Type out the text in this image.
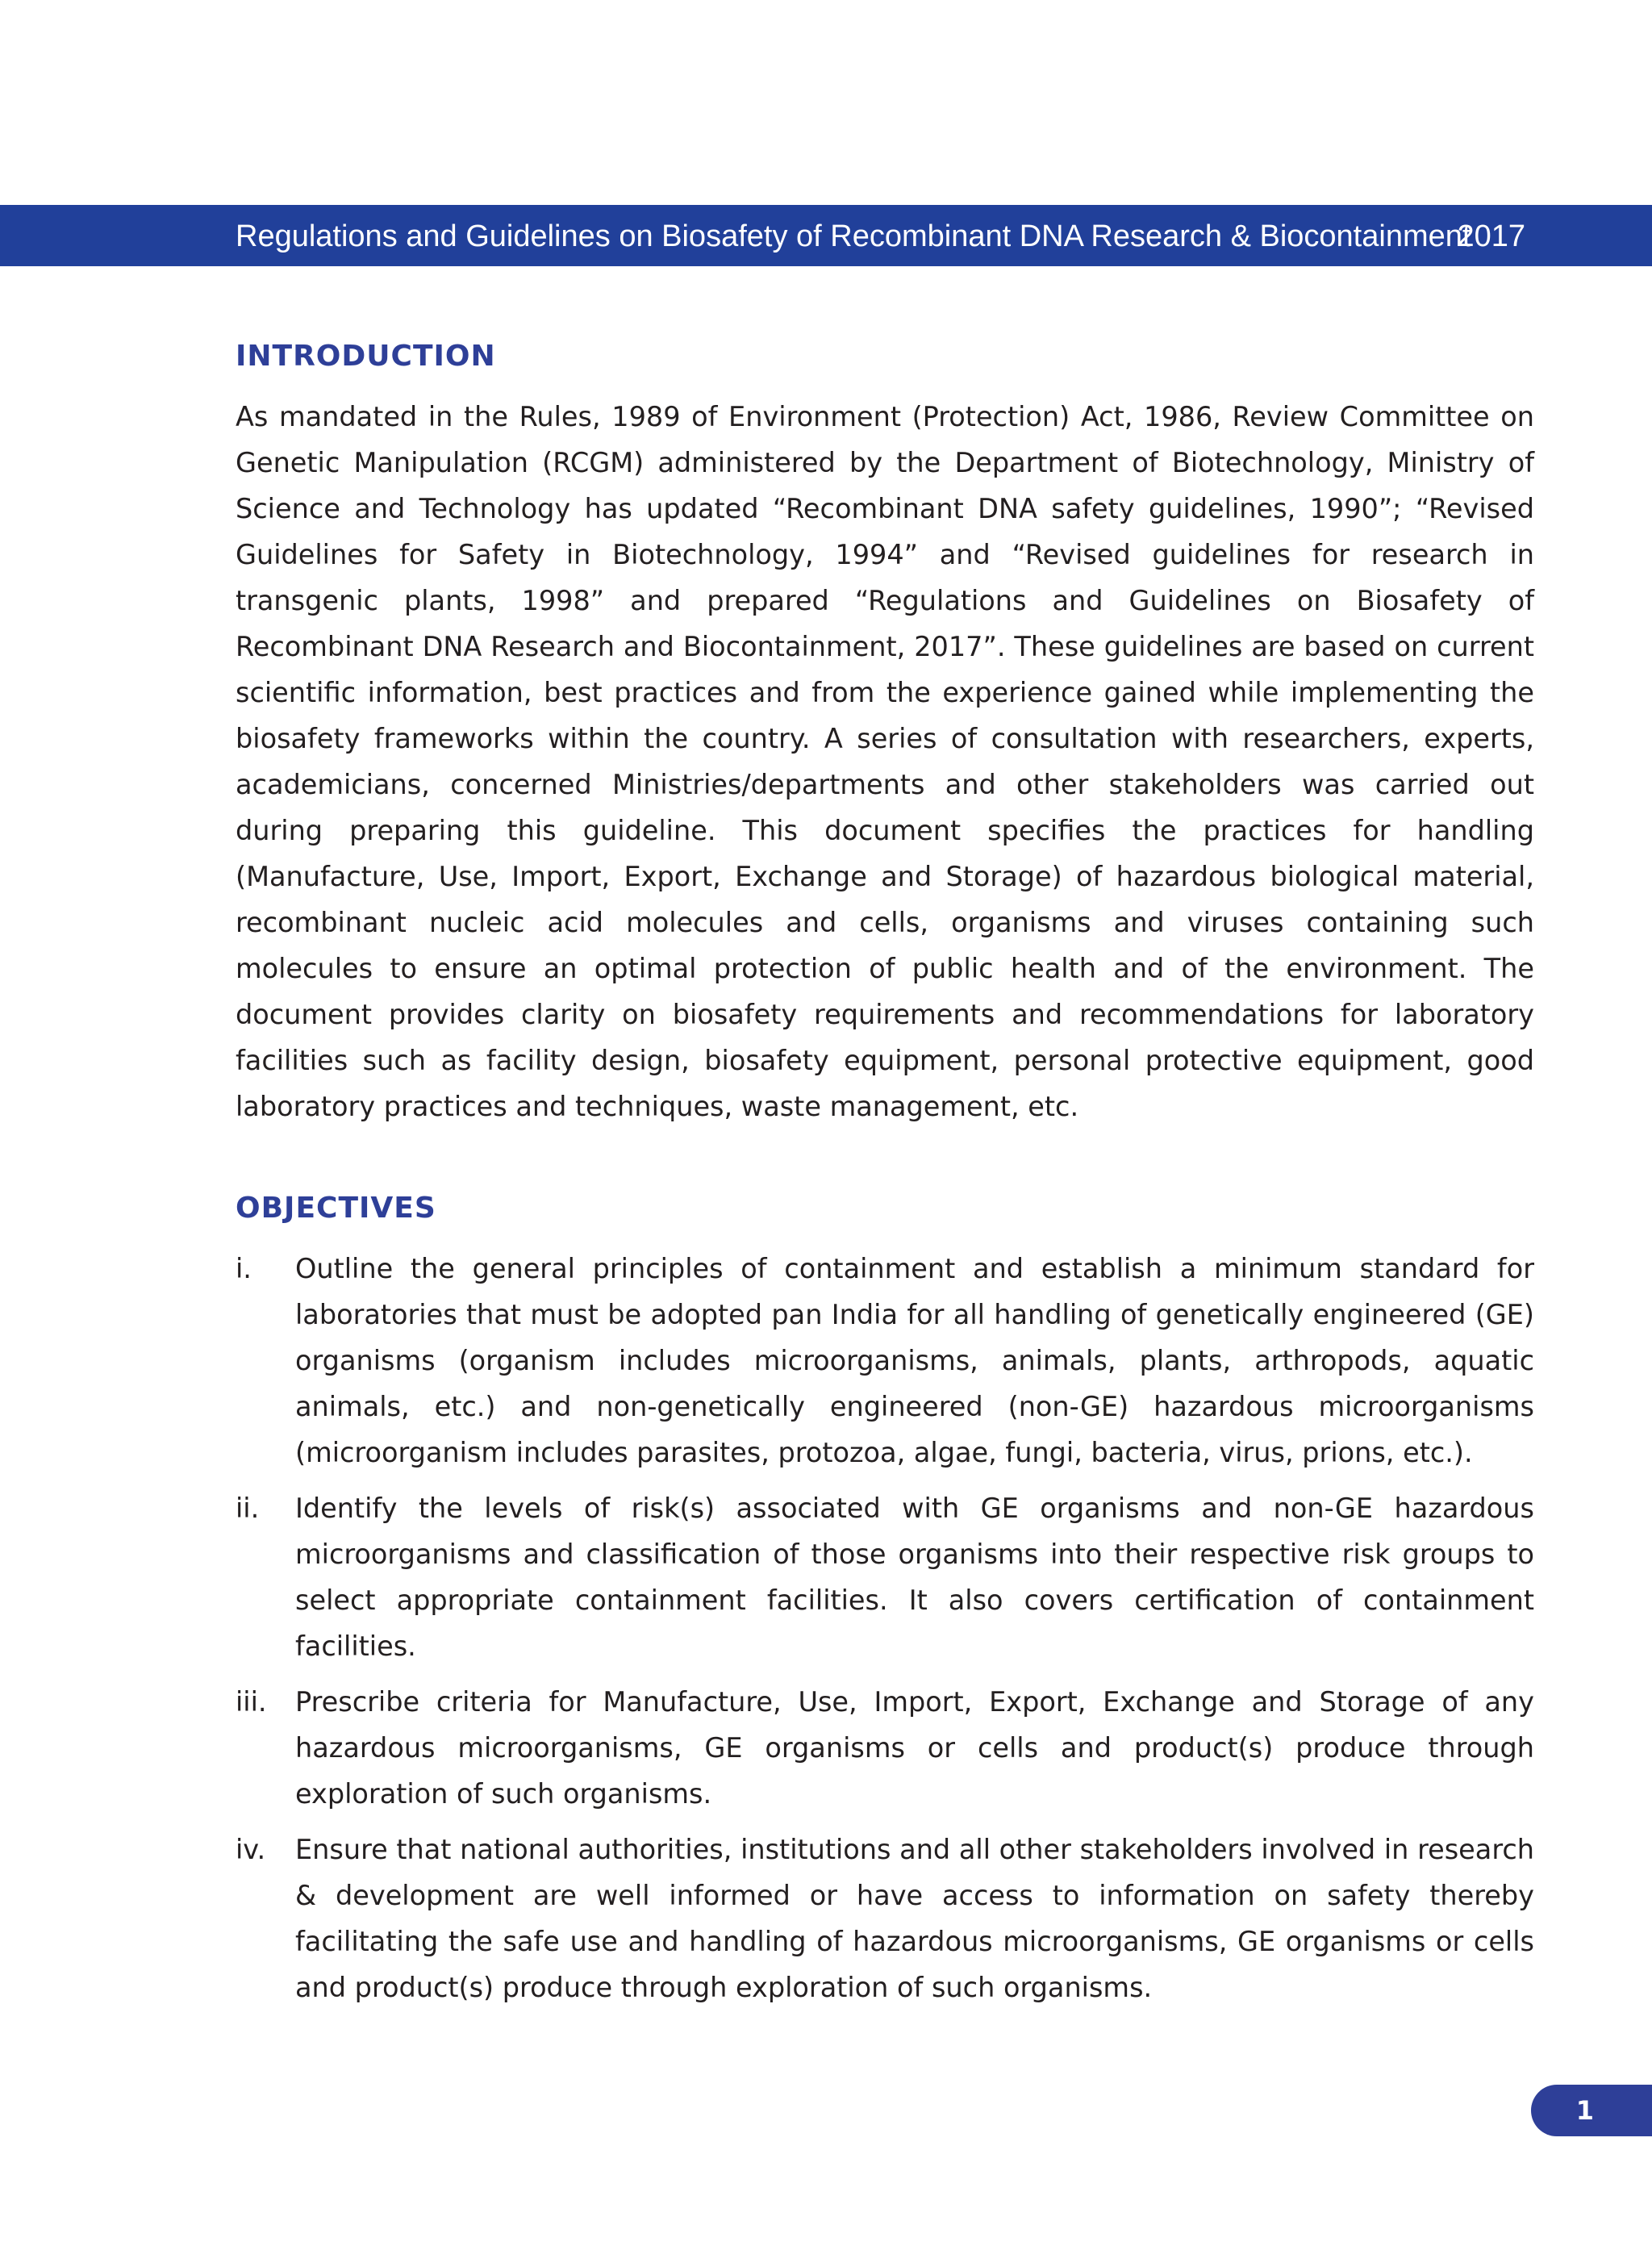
Regulations and Guidelines on Biosafety of Recombinant DNA Research & Biocontainment
2017
INTRODUCTION

As mandated in the Rules, 1989 of Environment (Protection) Act, 1986, Review Committee on Genetic Manipulation (RCGM) administered by the Department of Biotechnology, Ministry of Science and Technology has updated “Recombinant DNA safety guidelines, 1990”; “Revised Guidelines for Safety in Biotechnology, 1994” and “Revised guidelines for research in transgenic plants, 1998” and prepared “Regulations and Guidelines on Biosafety of Recombinant DNA Research and Biocontainment, 2017”. These guidelines are based on current scientific information, best practices and from the experience gained while implementing the biosafety frameworks within the country. A series of consultation with researchers, experts, academicians, concerned Ministries/departments and other stakeholders was carried out during preparing this guideline. This document specifies the practices for handling (Manufacture, Use, Import, Export, Exchange and Storage) of hazardous biological material, recombinant nucleic acid molecules and cells, organisms and viruses containing such molecules to ensure an optimal protection of public health and of the environment. The document provides clarity on biosafety requirements and recommendations for laboratory facilities such as facility design, biosafety equipment, personal protective equipment, good laboratory practices and techniques, waste management, etc.

OBJECTIVES
i. Outline the general principles of containment and establish a minimum standard for laboratories that must be adopted pan India for all handling of genetically engineered (GE) organisms (organism includes microorganisms, animals, plants, arthropods, aquatic animals, etc.) and non-genetically engineered (non-GE) hazardous microorganisms (microorganism includes parasites, protozoa, algae, fungi, bacteria, virus, prions, etc.).
ii. Identify the levels of risk(s) associated with GE organisms and non-GE hazardous microorganisms and classification of those organisms into their respective risk groups to select appropriate containment facilities. It also covers certification of containment facilities.
iii. Prescribe criteria for Manufacture, Use, Import, Export, Exchange and Storage of any hazardous microorganisms, GE organisms or cells and product(s) produce through exploration of such organisms.
iv. Ensure that national authorities, institutions and all other stakeholders involved in research & development are well informed or have access to information on safety thereby facilitating the safe use and handling of hazardous microorganisms, GE organisms or cells and product(s) produce through exploration of such organisms.
1
